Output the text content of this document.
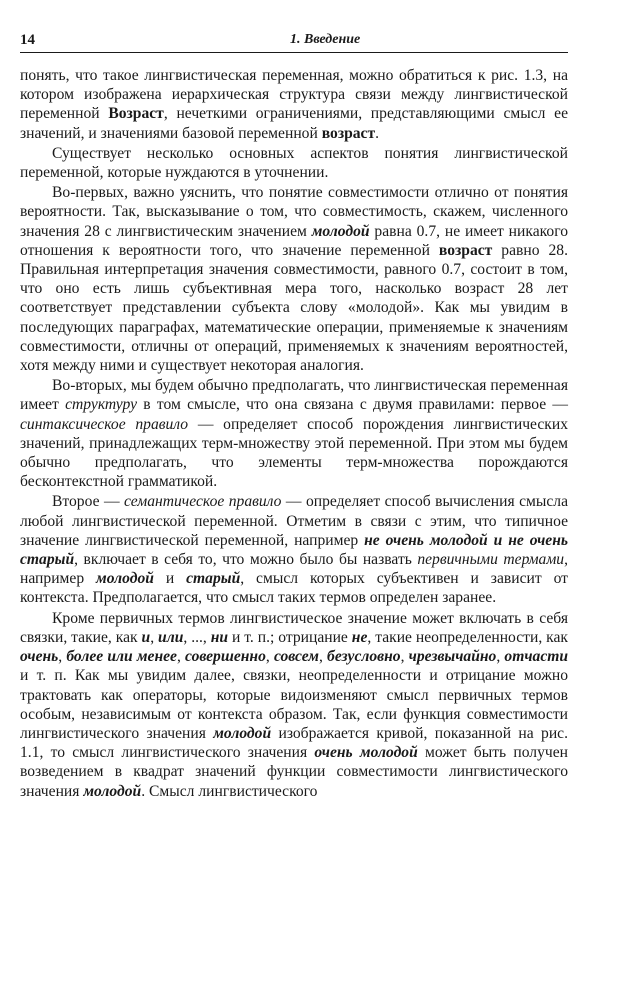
14	1. Введение

понять, что такое лингвистическая переменная, можно обратиться к рис. 1.3, на котором изображена иерархическая структура связи между лингвистической переменной Возраст, нечеткими ограничениями, представляющими смысл ее значений, и значениями базовой переменной возраст.

Существует несколько основных аспектов понятия лингвистической переменной, которые нуждаются в уточнении.

Во-первых, важно уяснить, что понятие совместимости отлично от понятия вероятности. Так, высказывание о том, что совместимость, скажем, численного значения 28 с лингвистическим значением молодой равна 0.7, не имеет никакого отношения к вероятности того, что значение переменной возраст равно 28. Правильная интерпретация значения совместимости, равного 0.7, состоит в том, что оно есть лишь субъективная мера того, насколько возраст 28 лет соответствует представлении субъекта слову «молодой». Как мы увидим в последующих параграфах, математические операции, применяемые к значениям совместимости, отличны от операций, применяемых к значениям вероятностей, хотя между ними и существует некоторая аналогия.

Во-вторых, мы будем обычно предполагать, что лингвистическая переменная имеет структуру в том смысле, что она связана с двумя правилами: первое — синтаксическое правило — определяет способ порождения лингвистических значений, принадлежащих терм-множеству этой переменной. При этом мы будем обычно предполагать, что элементы терм-множества порождаются бесконтекстной грамматикой.

Второе — семантическое правило — определяет способ вычисления смысла любой лингвистической переменной. Отметим в связи с этим, что типичное значение лингвистической переменной, например не очень молодой и не очень старый, включает в себя то, что можно было бы назвать первичными термами, например молодой и старый, смысл которых субъективен и зависит от контекста. Предполагается, что смысл таких термов определен заранее.

Кроме первичных термов лингвистическое значение может включать в себя связки, такие, как и, или, ..., ни и т. п.; отрицание не, такие неопределенности, как очень, более или менее, совершенно, совсем, безусловно, чрезвычайно, отчасти и т. п. Как мы увидим далее, связки, неопределенности и отрицание можно трактовать как операторы, которые видоизменяют смысл первичных термов особым, независимым от контекста образом. Так, если функция совместимости лингвистического значения молодой изображается кривой, показанной на рис. 1.1, то смысл лингвистического значения очень молодой может быть получен возведением в квадрат значений функции совместимости лингвистического значения молодой. Смысл лингвистического
